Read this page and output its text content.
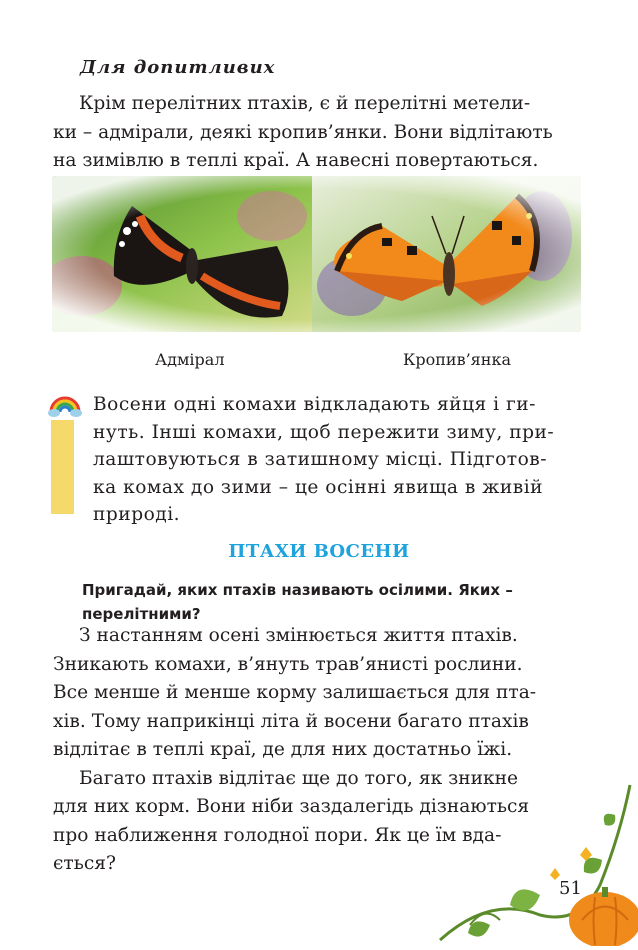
Для допитливих
Крім перелітних птахів, є й перелітні метели-
ки – адмірали, деякі кропив’янки. Вони відлітають
на зимівлю в теплі краї. А навесні повертаються.
Адмірал	Кропив’янка
Восени одні комахи відкладають яйця і ги-
нуть. Інші комахи, щоб пережити зиму, при-
лаштовуються в затишному місці. Підготов-
ка комах до зими – це осінні явища в живій
природі.
ПТАХИ ВОСЕНИ
Пригадай, яких птахів називають осілими. Яких –
перелітними?
З настанням осені змінюється життя птахів.
Зникають комахи, в’януть трав’янисті рослини.
Все менше й менше корму залишається для пта-
хів. Тому наприкінці літа й восени багато птахів
відлітає в теплі краї, де для них достатньо їжі.
Багато птахів відлітає ще до того, як зникне
для них корм. Вони ніби заздалегідь дізнаються
про наближення голодної пори. Як це їм вда-
ється?
51
